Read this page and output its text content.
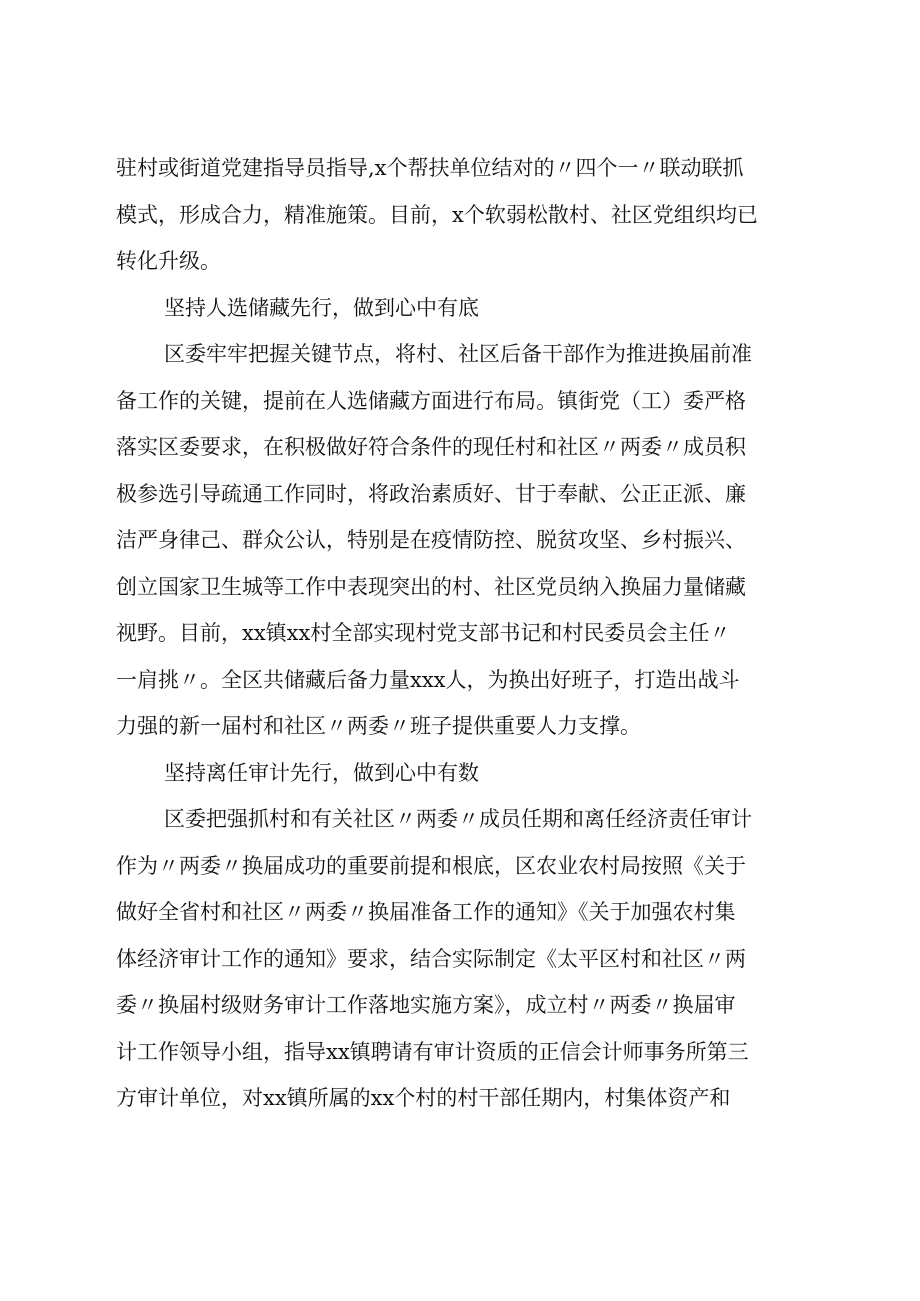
驻村或街道党建指导员指导,x个帮扶单位结对的〃四个一〃联动联抓
模式，形成合力，精准施策。目前，x个软弱松散村、社区党组织均已
转化升级。
坚持人选储藏先行，做到心中有底
区委牢牢把握关键节点，将村、社区后备干部作为推进换届前准
备工作的关键，提前在人选储藏方面进行布局。镇街党（工）委严格
落实区委要求，在积极做好符合条件的现任村和社区〃两委〃成员积
极参选引导疏通工作同时，将政治素质好、甘于奉献、公正正派、廉
洁严身律己、群众公认，特别是在疫情防控、脱贫攻坚、乡村振兴、
创立国家卫生城等工作中表现突出的村、社区党员纳入换届力量储藏
视野。目前，xx镇xx村全部实现村党支部书记和村民委员会主任〃
一肩挑〃。全区共储藏后备力量xxx人，为换出好班子，打造出战斗
力强的新一届村和社区〃两委〃班子提供重要人力支撑。
坚持离任审计先行，做到心中有数
区委把强抓村和有关社区〃两委〃成员任期和离任经济责任审计
作为〃两委〃换届成功的重要前提和根底，区农业农村局按照《关于
做好全省村和社区〃两委〃换届准备工作的通知》《关于加强农村集
体经济审计工作的通知》要求，结合实际制定《太平区村和社区〃两
委〃换届村级财务审计工作落地实施方案》，成立村〃两委〃换届审
计工作领导小组，指导xx镇聘请有审计资质的正信会计师事务所第三
方审计单位，对xx镇所属的xx个村的村干部任期内，村集体资产和
